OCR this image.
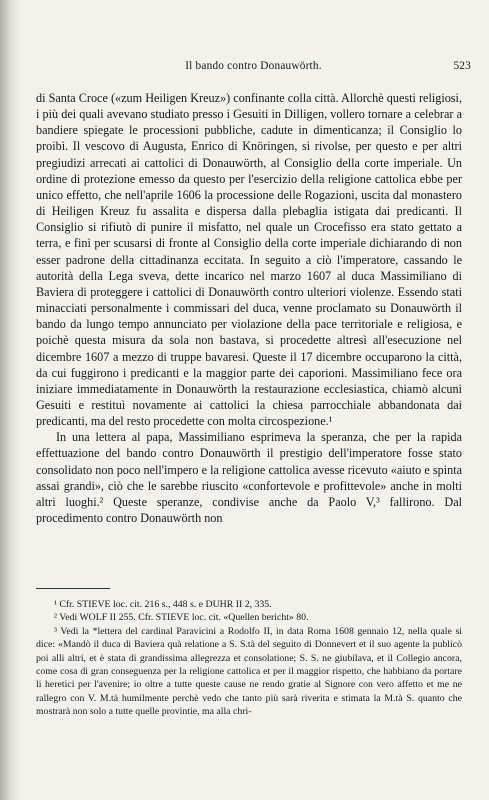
Il bando contro Donauwörth.	523

di Santa Croce («zum Heiligen Kreuz») confinante colla città. Allorchè questi religiosi, i più dei quali avevano studiato presso i Gesuiti in Dilligen, vollero tornare a celebrar a bandiere spiegate le processioni pubbliche, cadute in dimenticanza; il Consiglio lo proibì. Il vescovo di Augusta, Enrico di Knöringen, si rivolse, per questo e per altri pregiudizi arrecati ai cattolici di Donauwörth, al Consiglio della corte imperiale. Un ordine di protezione emesso da questo per l'esercizio della religione cattolica ebbe per unico effetto, che nell'aprile 1606 la processione delle Rogazioni, uscita dal monastero di Heiligen Kreuz fu assalita e dispersa dalla plebaglia istigata dai predicanti. Il Consiglio si rifiutò di punire il misfatto, nel quale un Crocefisso era stato gettato a terra, e finì per scusarsi di fronte al Consiglio della corte imperiale dichiarando di non esser padrone della cittadinanza eccitata. In seguito a ciò l'imperatore, cassando le autorità della Lega sveva, dette incarico nel marzo 1607 al duca Massimiliano di Baviera di proteggere i cattolici di Donauwörth contro ulteriori violenze. Essendo stati minacciati personalmente i commissari del duca, venne proclamato su Donauwörth il bando da lungo tempo annunciato per violazione della pace territoriale e religiosa, e poichè questa misura da sola non bastava, si procedette altresì all'esecuzione nel dicembre 1607 a mezzo di truppe bavaresi. Queste il 17 dicembre occuparono la città, da cui fuggirono i predicanti e la maggior parte dei caporioni. Massimiliano fece ora iniziare immediatamente in Donauwörth la restaurazione ecclesiastica, chiamò alcuni Gesuiti e restituì novamente ai cattolici la chiesa parrocchiale abbandonata dai predicanti, ma del resto procedette con molta circospezione.¹

In una lettera al papa, Massimiliano esprimeva la speranza, che per la rapida effettuazione del bando contro Donauwörth il prestigio dell'imperatore fosse stato consolidato non poco nell'impero e la religione cattolica avesse ricevuto «aiuto e spinta assai grandi», ciò che le sarebbe riuscito «confortevole e profittevole» anche in molti altri luoghi.² Queste speranze, condivise anche da Paolo V,³ fallirono. Dal procedimento contro Donauwörth non

¹ Cfr. STIEVE loc. cit. 216 s., 448 s. e DUHR II 2, 335.

² Vedi WOLF II 255. Cfr. STIEVE loc. cit. «Quellen bericht» 80.

³ Vedi la *lettera del cardinal Paravicini a Rodolfo II, in data Roma 1608 gennaio 12, nella quale si dice: «Mandò il duca di Baviera quà relatione a S. S.tà del seguito di Donnevert et il suo agente la publicò poi alli altri, et è stata di grandissima allegrezza et consolatione; S. S. ne giubilava, et il Collegio ancora, come cosa di gran conseguenza per la religione cattolica et per il maggior rispetto, che habbiano da portare li heretici per l'avenire; io oltre a tutte queste cause ne rendo gratie al Signore con vero affetto et me ne rallegro con V. M.tà humilmente perchè vedo che tanto più sarà riverita e stimata la M.tà S. quanto che mostrarà non solo a tutte quelle provintie, ma alla chri-
